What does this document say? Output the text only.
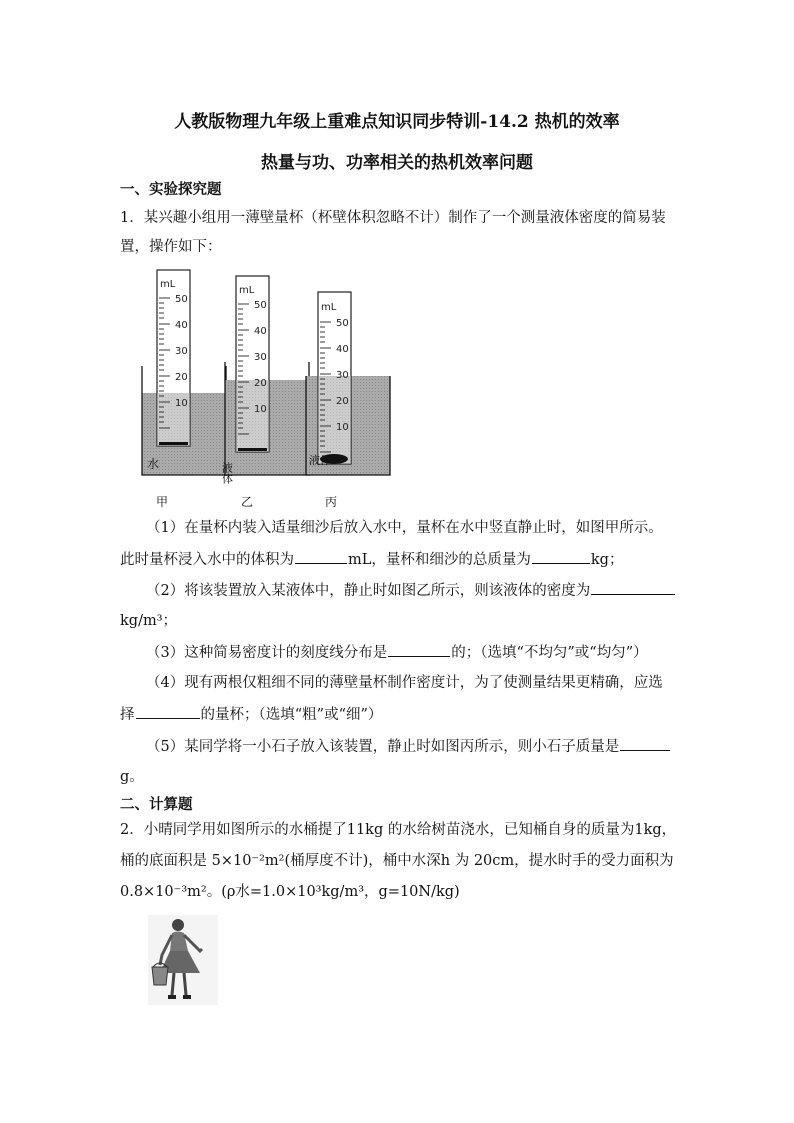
人教版物理九年级上重难点知识同步特训-14.2 热机的效率
热量与功、功率相关的热机效率问题
一、实验探究题
1．某兴趣小组用一薄壁量杯（杯壁体积忽略不计）制作了一个测量液体密度的简易装
置，操作如下：
mL
50
40
30
20
10
水
mL
50
40
30
20
10
液体
mL
50
40
30
20
10
液体
甲	乙	丙
（1）在量杯内装入适量细沙后放入水中，量杯在水中竖直静止时，如图甲所示。
此时量杯浸入水中的体积为	mL，量杯和细沙的总质量为	kg；
（2）将该装置放入某液体中，静止时如图乙所示，则该液体的密度为
kg/m³；
（3）这种简易密度计的刻度线分布是	的；（选填“不均匀”或“均匀”）
（4）现有两根仅粗细不同的薄壁量杯制作密度计，为了使测量结果更精确，应选
择	的量杯；（选填“粗”或“细”）
（5）某同学将一小石子放入该装置，静止时如图丙所示，则小石子质量是
g。
二、计算题
2．小晴同学用如图所示的水桶提了11kg 的水给树苗浇水，已知桶自身的质量为1kg，
桶的底面积是 5×10⁻²m²(桶厚度不计)，桶中水深h 为 20cm，提水时手的受力面积为
0.8×10⁻³m²。(ρ水=1.0×10³kg/m³，g=10N/kg)
